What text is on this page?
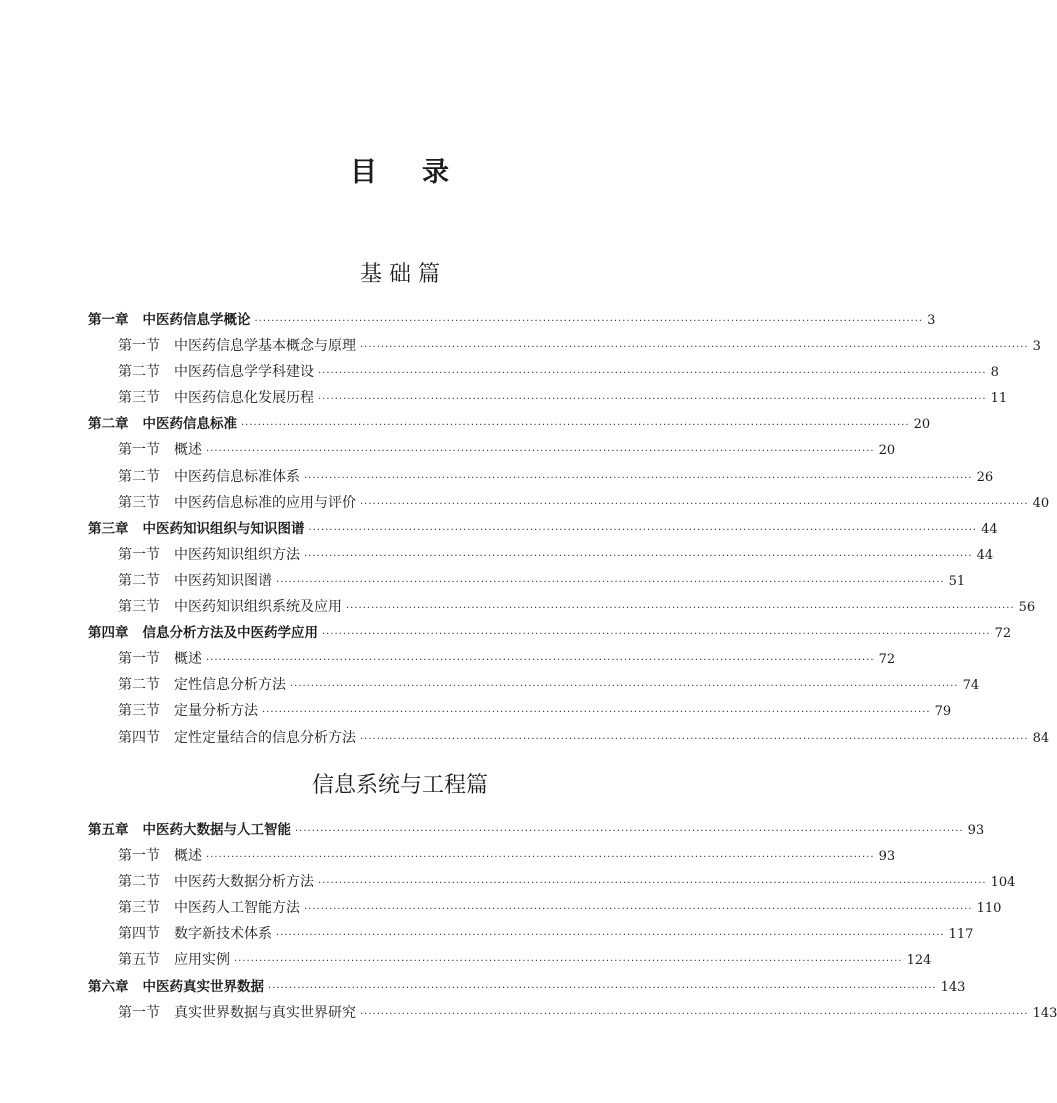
目 录
基 础 篇
第一章 中医药信息学概论 ································································································································································ 3
第一节 中医药信息学基本概念与原理 ································································································································································ 3
第二节 中医药信息学学科建设 ································································································································································ 8
第三节 中医药信息化发展历程 ································································································································································ 11
第二章 中医药信息标准 ································································································································································ 20
第一节 概述 ································································································································································ 20
第二节 中医药信息标准体系 ································································································································································ 26
第三节 中医药信息标准的应用与评价 ································································································································································ 40
第三章 中医药知识组织与知识图谱 ································································································································································ 44
第一节 中医药知识组织方法 ································································································································································ 44
第二节 中医药知识图谱 ································································································································································ 51
第三节 中医药知识组织系统及应用 ································································································································································ 56
第四章 信息分析方法及中医药学应用 ································································································································································ 72
第一节 概述 ································································································································································ 72
第二节 定性信息分析方法 ································································································································································ 74
第三节 定量分析方法 ································································································································································ 79
第四节 定性定量结合的信息分析方法 ································································································································································ 84
信息系统与工程篇
第五章 中医药大数据与人工智能 ································································································································································ 93
第一节 概述 ································································································································································ 93
第二节 中医药大数据分析方法 ································································································································································ 104
第三节 中医药人工智能方法 ································································································································································ 110
第四节 数字新技术体系 ································································································································································ 117
第五节 应用实例 ································································································································································ 124
第六章 中医药真实世界数据 ································································································································································ 143
第一节 真实世界数据与真实世界研究 ································································································································································ 143
